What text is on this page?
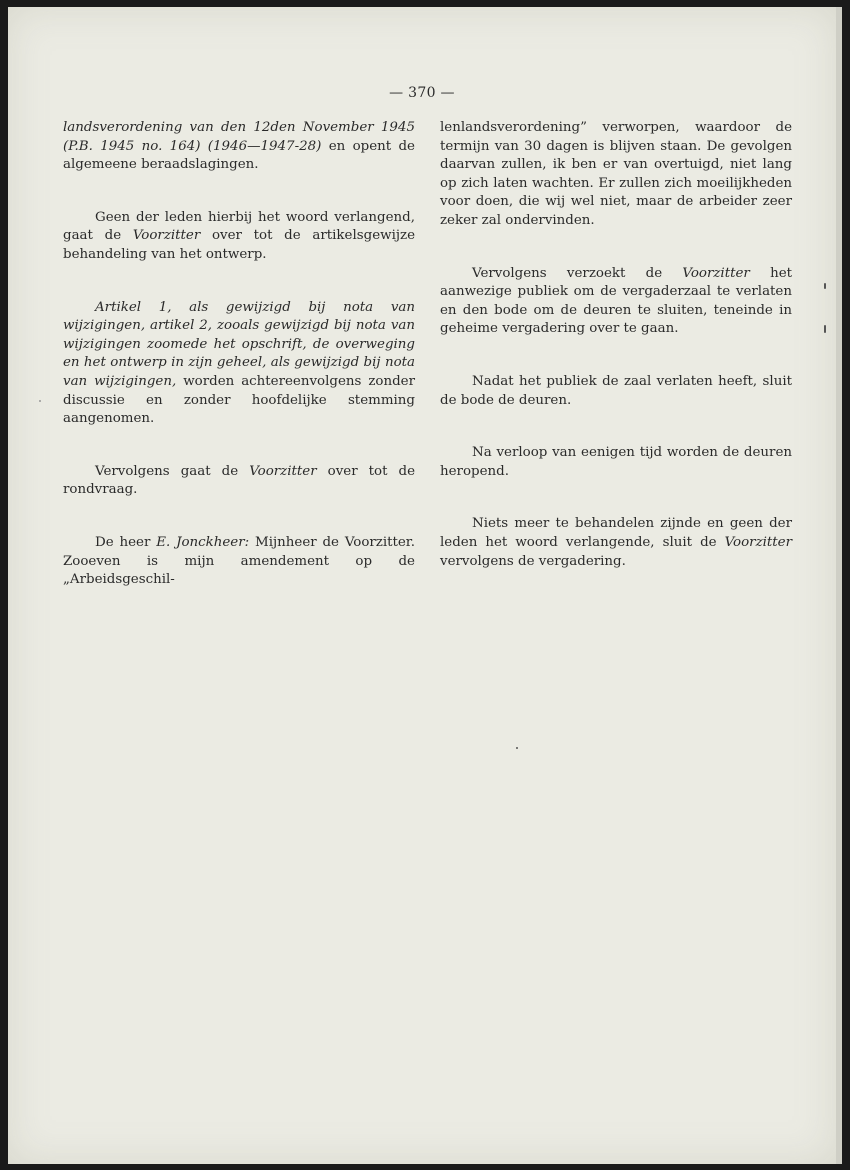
— 370 —

landsverordening van den 12den November 1945 (P.B. 1945 no. 164) (1946—1947-28) en opent de algemeene beraadslagingen.

Geen der leden hierbij het woord verlangend, gaat de Voorzitter over tot de artikelsgewijze behandeling van het ontwerp.

Artikel 1, als gewijzigd bij nota van wijzigingen, artikel 2, zooals gewijzigd bij nota van wijzigingen zoomede het opschrift, de overweging en het ontwerp in zijn geheel, als gewijzigd bij nota van wijzigingen, worden achtereenvolgens zonder discussie en zonder hoofdelijke stemming aangenomen.

Vervolgens gaat de Voorzitter over tot de rondvraag.

De heer E. Jonckheer: Mijnheer de Voorzitter. Zooeven is mijn amendement op de „Arbeidsgeschil-

lenlandsverordening” verworpen, waardoor de termijn van 30 dagen is blijven staan. De gevolgen daarvan zullen, ik ben er van overtuigd, niet lang op zich laten wachten. Er zullen zich moeilijkheden voor doen, die wij wel niet, maar de arbeider zeer zeker zal ondervinden.

Vervolgens verzoekt de Voorzitter het aanwezige publiek om de vergaderzaal te verlaten en den bode om de deuren te sluiten, teneinde in geheime vergadering over te gaan.

Nadat het publiek de zaal verlaten heeft, sluit de bode de deuren.

Na verloop van eenigen tijd worden de deuren heropend.

Niets meer te behandelen zijnde en geen der leden het woord verlangende, sluit de Voorzitter vervolgens de vergadering.
